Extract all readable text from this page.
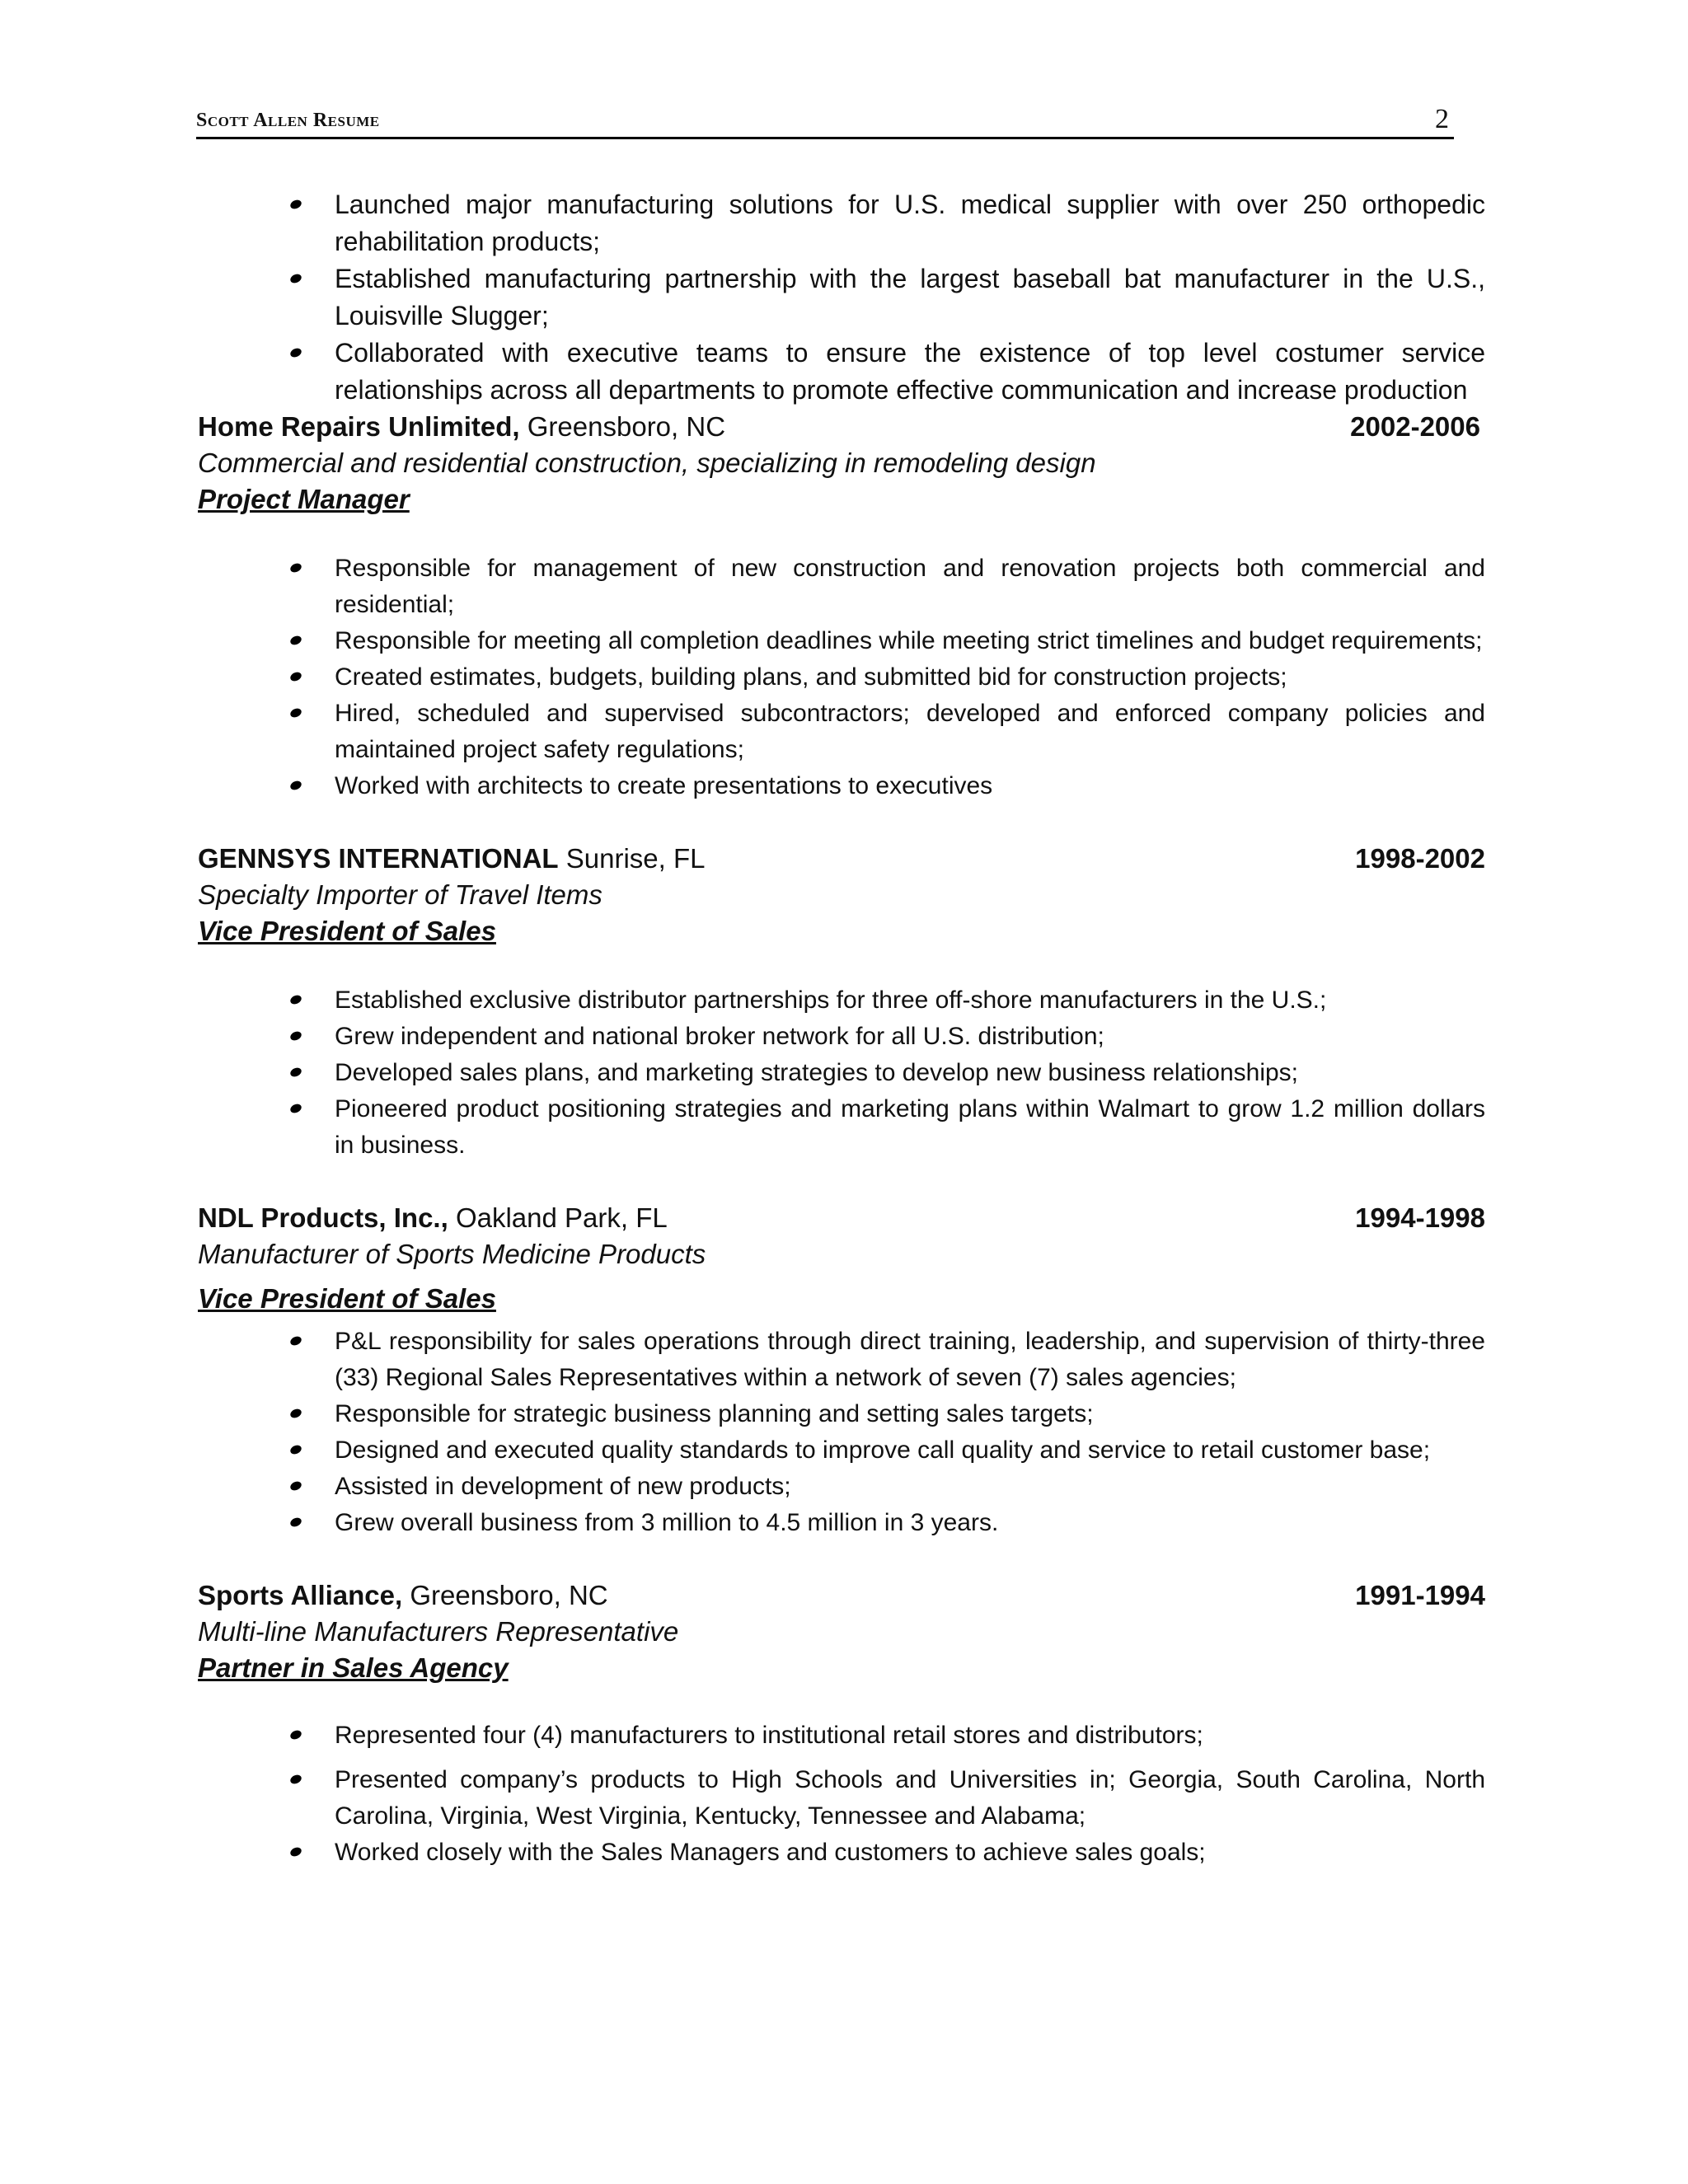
Scott Allen Resume	2
Launched major manufacturing solutions for U.S. medical supplier with over 250 orthopedic rehabilitation products;
Established manufacturing partnership with the largest baseball bat manufacturer in the U.S., Louisville Slugger;
Collaborated with executive teams to ensure the existence of top level costumer service relationships across all departments to promote effective communication and increase production
Home Repairs Unlimited, Greensboro, NC	2002-2006
Commercial and residential construction, specializing in remodeling design
Project Manager
Responsible for management of new construction and renovation projects both commercial and residential;
Responsible for meeting all completion deadlines while meeting strict timelines and budget requirements;
Created estimates, budgets, building plans, and submitted bid for construction projects;
Hired, scheduled and supervised subcontractors; developed and enforced company policies and maintained project safety regulations;
Worked with architects to create presentations to executives
GENNSYS INTERNATIONAL Sunrise, FL	1998-2002
Specialty Importer of Travel Items
Vice President of Sales
Established exclusive distributor partnerships for three off-shore manufacturers in the U.S.;
Grew independent and national broker network for all U.S. distribution;
Developed sales plans, and marketing strategies to develop new business relationships;
Pioneered product positioning strategies and marketing plans within Walmart to grow 1.2 million dollars in business.
NDL Products, Inc., Oakland Park, FL	1994-1998
Manufacturer of Sports Medicine Products
Vice President of Sales
P&L responsibility for sales operations through direct training, leadership, and supervision of thirty-three (33) Regional Sales Representatives within a network of seven (7) sales agencies;
Responsible for strategic business planning and setting sales targets;
Designed and executed quality standards to improve call quality and service to retail customer base;
Assisted in development of new products;
Grew overall business from 3 million to 4.5 million in 3 years.
Sports Alliance, Greensboro, NC	1991-1994
Multi-line Manufacturers Representative
Partner in Sales Agency
Represented four (4) manufacturers to institutional retail stores and distributors;
Presented company’s products to High Schools and Universities in; Georgia, South Carolina, North Carolina, Virginia, West Virginia, Kentucky, Tennessee and Alabama;
Worked closely with the Sales Managers and customers to achieve sales goals;
